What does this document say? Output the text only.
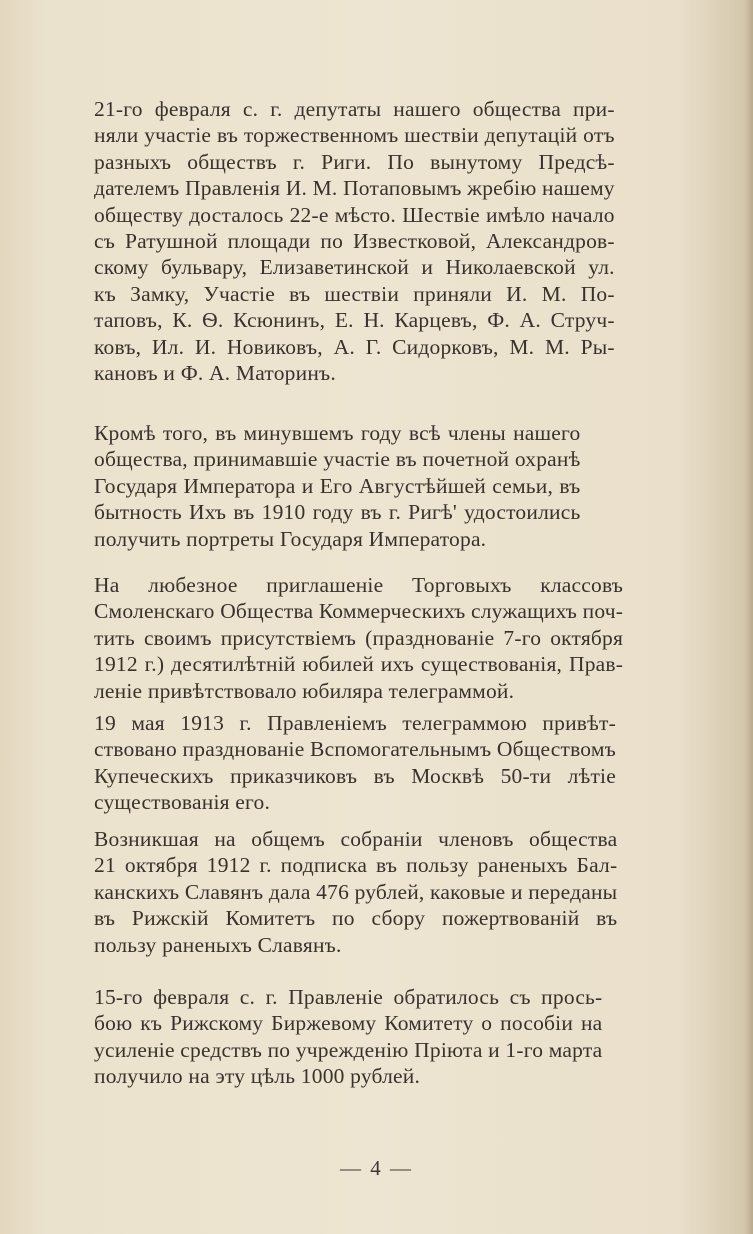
21-го февраля с. г. депутаты нашего общества при-
няли участіе въ торжественномъ шествіи депутацій отъ
разныхъ обществъ г. Риги. По вынутому Предсѣ-
дателемъ Правленія И. М. Потаповымъ жребію нашему
обществу досталось 22-е мѣсто. Шествіе имѣло начало
съ Ратушной площади по Известковой, Александров-
скому бульвару, Елизаветинской и Николаевской ул.
къ Замку, Участіе въ шествіи приняли И. М. По-
таповъ, К. Ѳ. Ксюнинъ, Е. Н. Карцевъ, Ф. А. Струч-
ковъ, Ил. И. Новиковъ, А. Г. Сидорковъ, М. М. Ры-
кановъ и Ф. А. Маторинъ.
Кромѣ того, въ минувшемъ году всѣ члены нашего
общества, принимавшіе участіе въ почетной охранѣ
Государя Императора и Его Августѣйшей семьи, въ
бытность Ихъ въ 1910 году въ г. Ригѣ' удостоились
получить портреты Государя Императора.
На любезное приглашеніе Торговыхъ классовъ
Смоленскаго Общества Коммерческихъ служащихъ поч-
тить своимъ присутствіемъ (празднованіе 7-го октября
1912 г.) десятилѣтній юбилей ихъ существованія, Прав-
леніе привѣтствовало юбиляра телеграммой.
19 мая 1913 г. Правленіемъ телеграммою привѣт-
ствовано празднованіе Вспомогательнымъ Обществомъ
Купеческихъ приказчиковъ въ Москвѣ 50-ти лѣтіе
существованія его.
Возникшая на общемъ собраніи членовъ общества
21 октября 1912 г. подписка въ пользу раненыхъ Бал-
канскихъ Славянъ дала 476 рублей, каковые и переданы
въ Рижскій Комитетъ по сбору пожертвованій въ
пользу раненыхъ Славянъ.
15-го февраля с. г. Правленіе обратилось съ прось-
бою къ Рижскому Биржевому Комитету о пособіи на
усиленіе средствъ по учрежденію Пріюта и 1-го марта
получило на эту цѣль 1000 рублей.
— 4 —
